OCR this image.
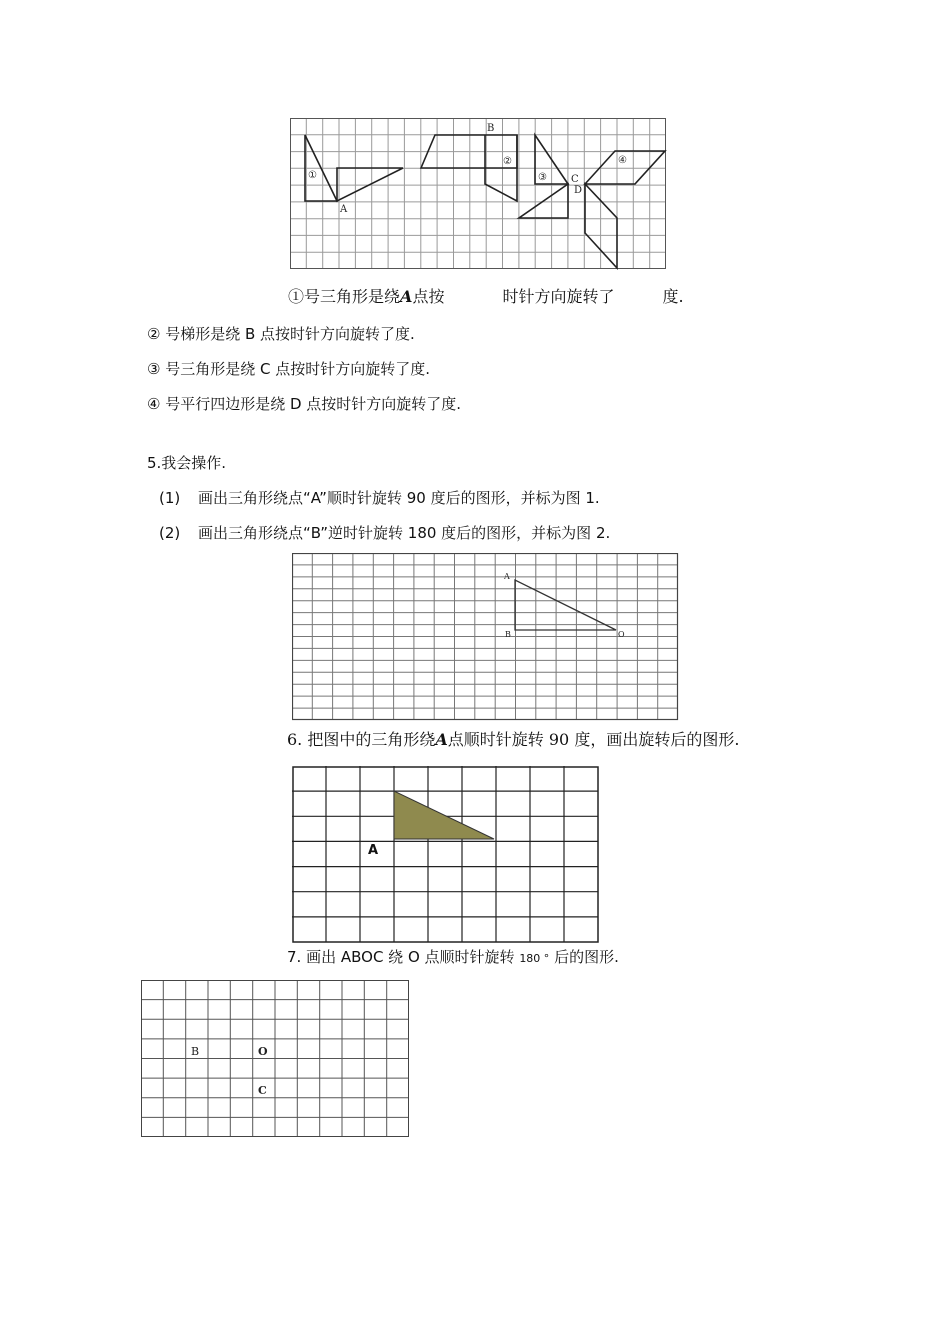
①
A
B
②
③ C
D
④
①号三角形是绕A点按	时针方向旋转了	度.
② 号梯形是绕 B 点按时针方向旋转了度.
③ 号三角形是绕 C 点按时针方向旋转了度.
④ 号平行四边形是绕 D 点按时针方向旋转了度.
5.我会操作.
(1) 画出三角形绕点“A”顺时针旋转 90 度后的图形，并标为图 1.
(2) 画出三角形绕点“B”逆时针旋转 180 度后的图形，并标为图 2.
A
B	O
6. 把图中的三角形绕A点顺时针旋转 90 度，画出旋转后的图形.
A
7. 画出 ABOC 绕 O 点顺时针旋转 180 ° 后的图形.
B	O
C
